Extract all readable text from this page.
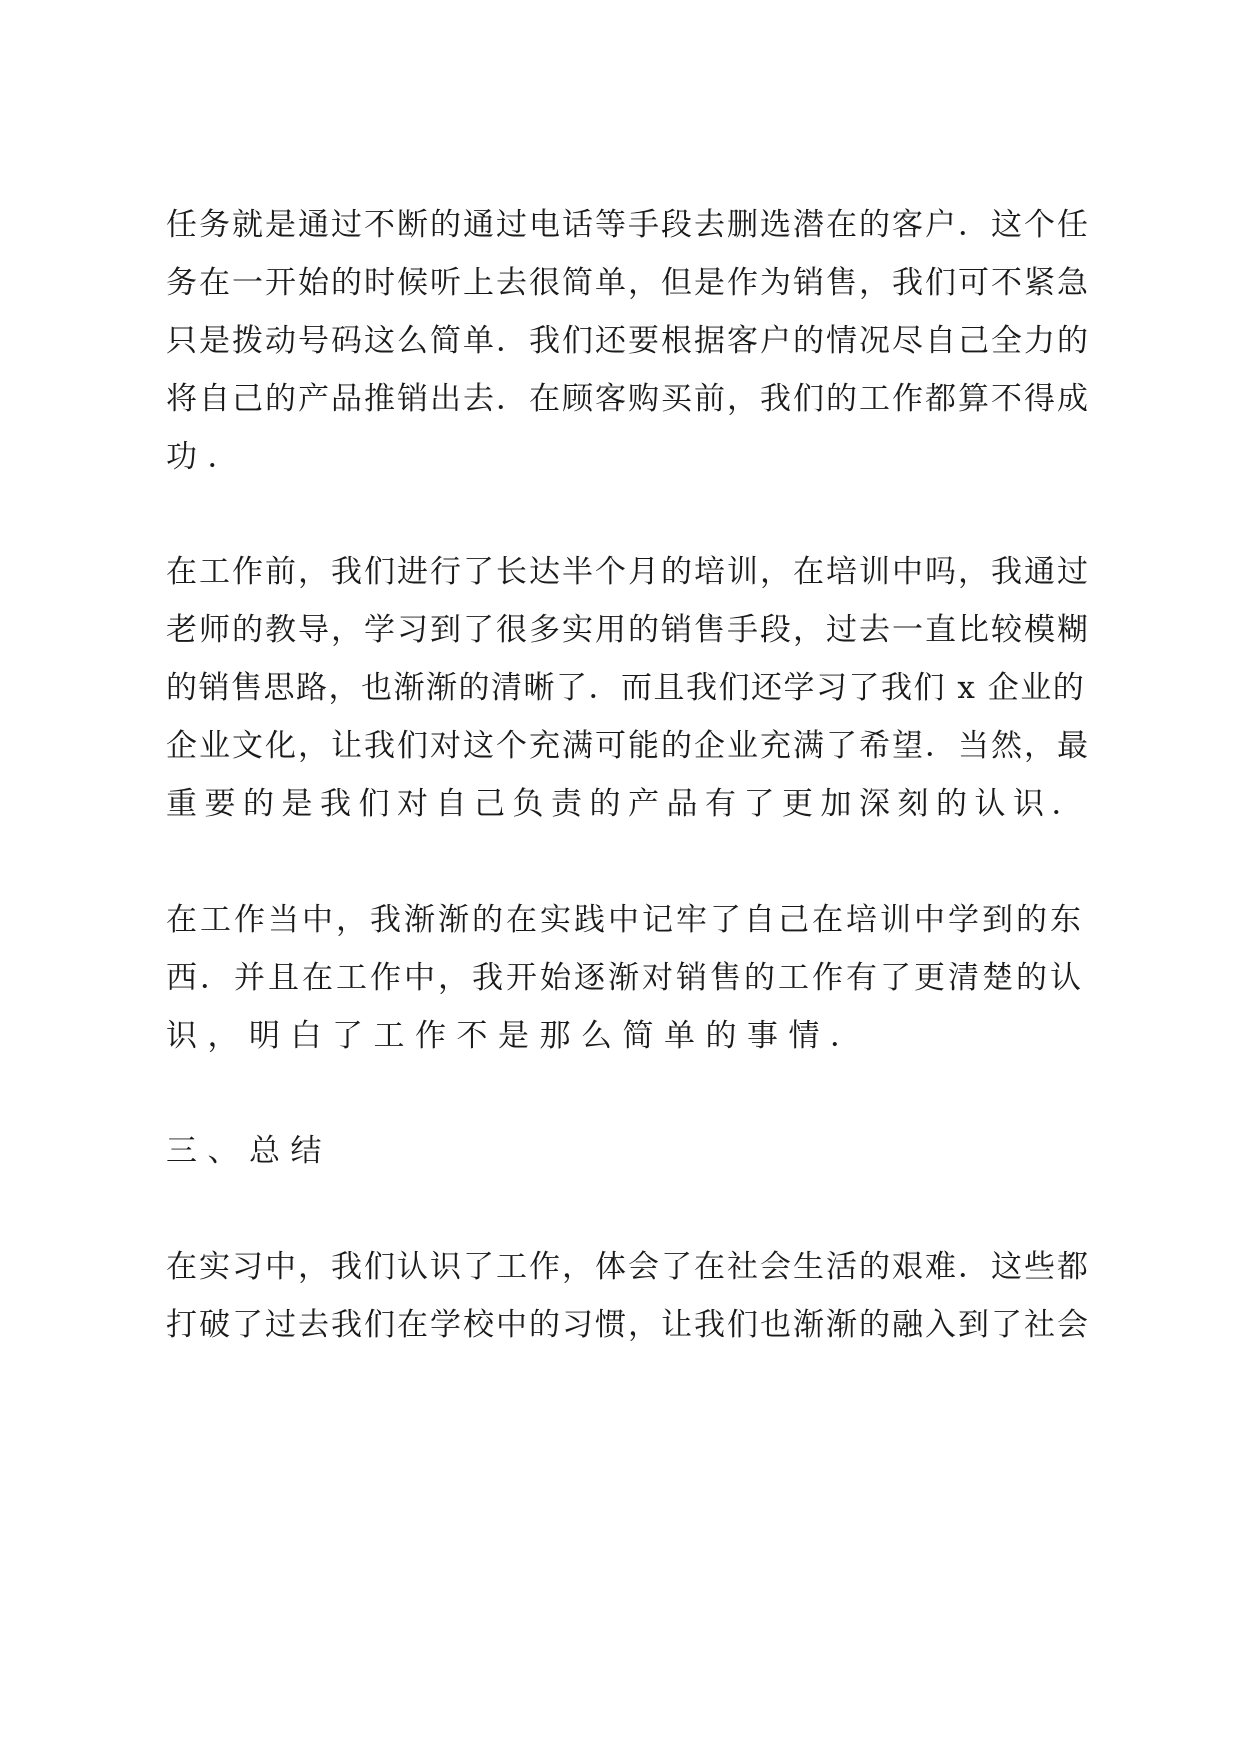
任务就是通过不断的通过电话等手段去删选潜在的客户．这个任
务在一开始的时候听上去很简单，但是作为销售，我们可不紧急
只是拨动号码这么简单．我们还要根据客户的情况尽自己全力的
将自己的产品推销出去．在顾客购买前，我们的工作都算不得成
功．
在工作前，我们进行了长达半个月的培训，在培训中吗，我通过
老师的教导，学习到了很多实用的销售手段，过去一直比较模糊
的销售思路，也渐渐的清晰了．而且我们还学习了我们 x 企业的
企业文化，让我们对这个充满可能的企业充满了希望．当然，最
重要的是我们对自己负责的产品有了更加深刻的认识．
在工作当中，我渐渐的在实践中记牢了自己在培训中学到的东
西．并且在工作中，我开始逐渐对销售的工作有了更清楚的认
识，明白了工作不是那么简单的事情．
三、总结
在实习中，我们认识了工作，体会了在社会生活的艰难．这些都
打破了过去我们在学校中的习惯，让我们也渐渐的融入到了社会
